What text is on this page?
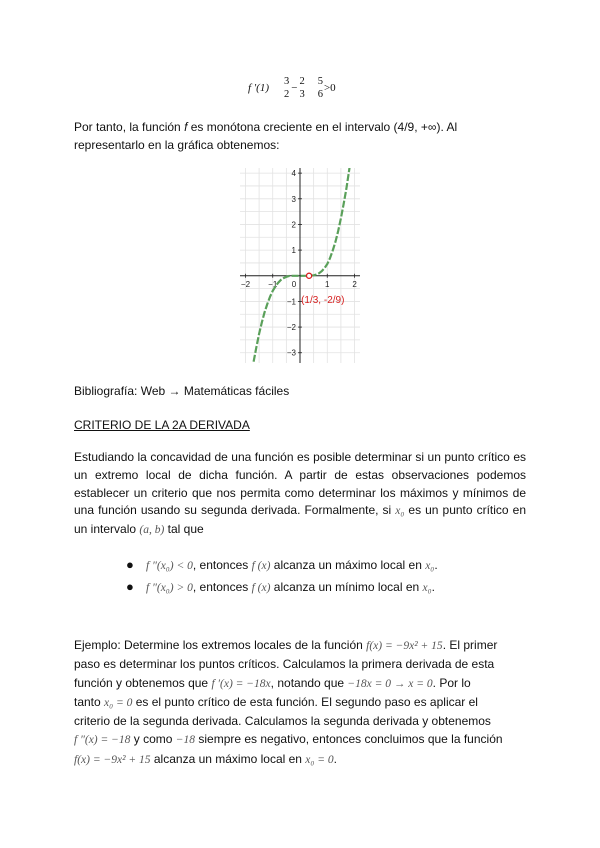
f '(1)
3
2
−
2
3
5
6
>0
Por tanto, la función f es monótona creciente en el intervalo (4/9, +∞). Al representarlo en la gráfica obtenemos:
−2 −1 0	1	2
4
3
2
1
−1
−2
−3
(1/3, -2/9)
Bibliografía: Web → Matemáticas fáciles
CRITERIO DE LA 2A DERIVADA
Estudiando la concavidad de una función es posible determinar si un punto crítico es un extremo local de dicha función. A partir de estas observaciones podemos establecer un criterio que nos permita como determinar los máximos y mínimos de una función usando su segunda derivada. Formalmente, si x₀ es un punto crítico en un intervalo (a, b) tal que
● f ″(x₀) < 0, entonces f (x) alcanza un máximo local en x₀.
● f ″(x₀) > 0, entonces f (x) alcanza un mínimo local en x₀.
Ejemplo: Determine los extremos locales de la función f(x) = −9x² + 15. El primer
paso es determinar los puntos críticos. Calculamos la primera derivada de esta
función y obtenemos que f ′(x) = −18x, notando que −18x = 0 → x = 0. Por lo
tanto x₀ = 0 es el punto crítico de esta función. El segundo paso es aplicar el
criterio de la segunda derivada. Calculamos la segunda derivada y obtenemos
f ″(x) = −18 y como −18 siempre es negativo, entonces concluimos que la función
f(x) = −9x² + 15 alcanza un máximo local en x₀ = 0.
